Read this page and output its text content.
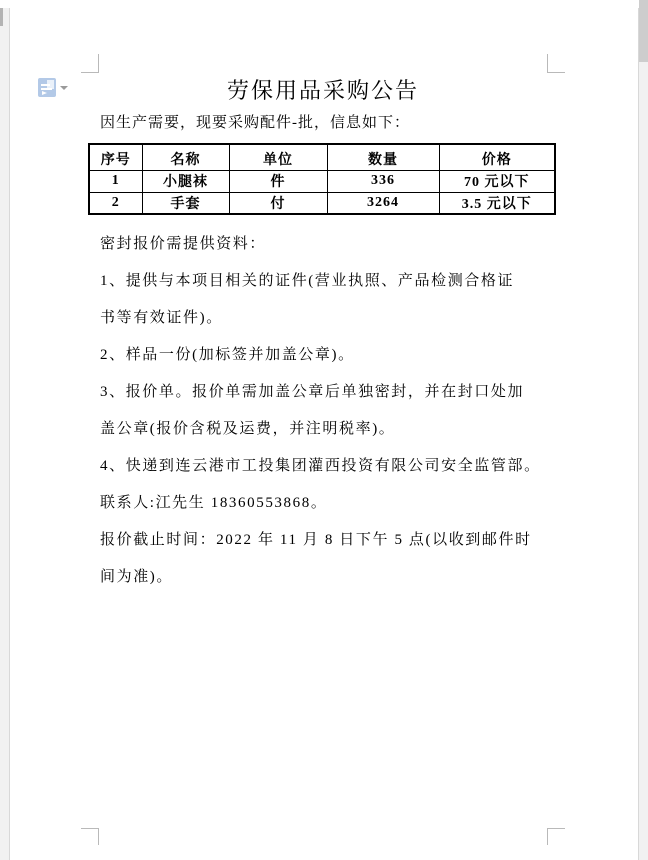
劳保用品采购公告
因生产需要，现要采购配件-批，信息如下：
序号	名称	单位	数量	价格
1	小腿袜	件	336	70 元以下
2	手套	付	3264	3.5 元以下
密封报价需提供资料：
1、提供与本项目相关的证件(营业执照、产品检测合格证
书等有效证件)。
2、样品一份(加标签并加盖公章)。
3、报价单。报价单需加盖公章后单独密封，并在封口处加
盖公章(报价含税及运费，并注明税率)。
4、快递到连云港市工投集团灌西投资有限公司安全监管部。
联系人:江先生 18360553868。
报价截止时间：2022 年 11 月 8 日下午 5 点(以收到邮件时
间为准)。
